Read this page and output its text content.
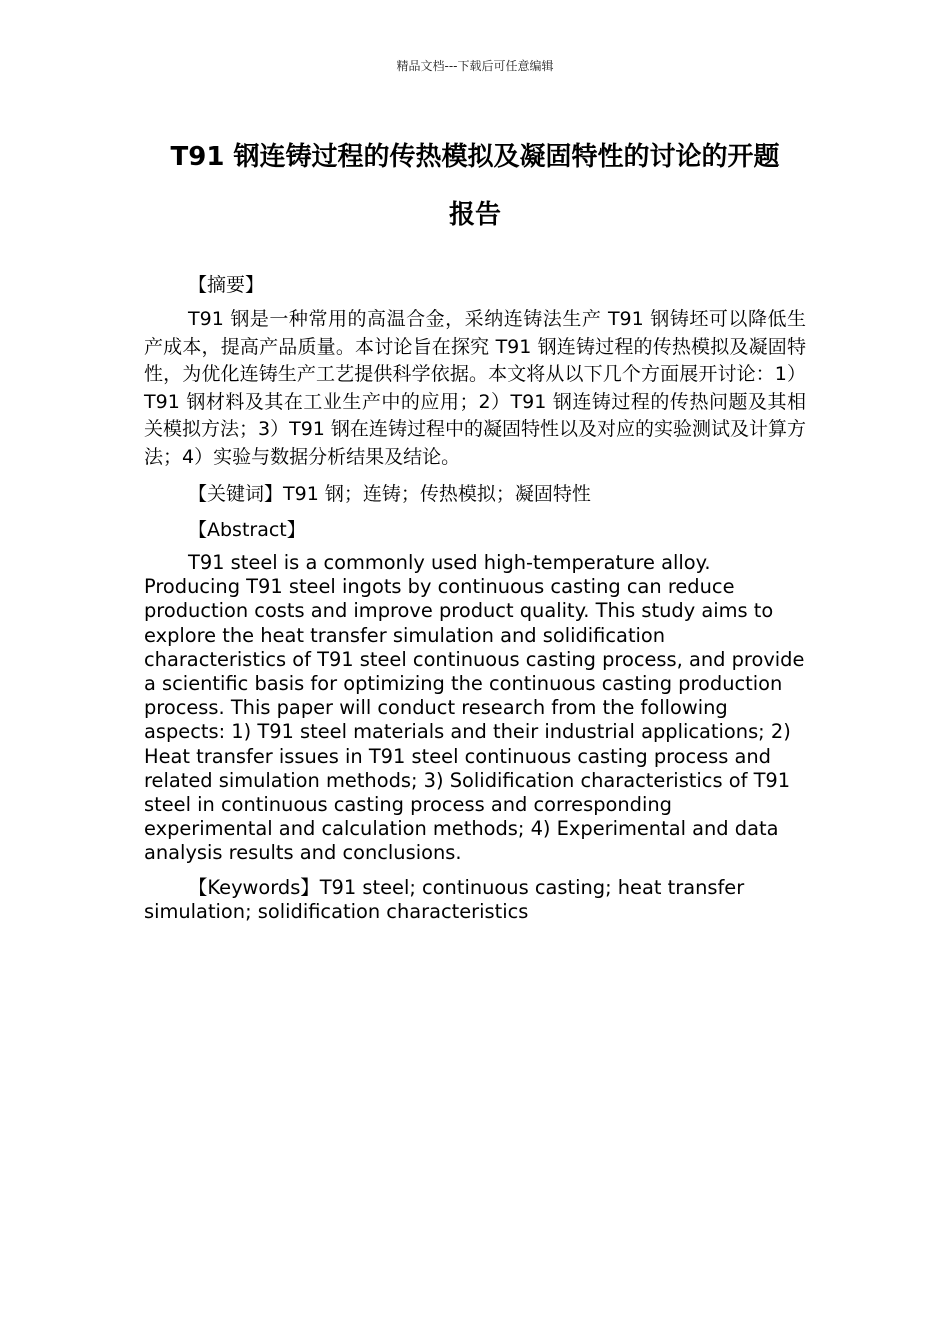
精品文档---下载后可任意编辑
T91 钢连铸过程的传热模拟及凝固特性的讨论的开题
报告

【摘要】

T91 钢是一种常用的高温合金，采纳连铸法生产 T91 钢铸坯可以降低生产成本，提高产品质量。本讨论旨在探究 T91 钢连铸过程的传热模拟及凝固特性，为优化连铸生产工艺提供科学依据。本文将从以下几个方面展开讨论：1）T91 钢材料及其在工业生产中的应用；2）T91 钢连铸过程的传热问题及其相关模拟方法；3）T91 钢在连铸过程中的凝固特性以及对应的实验测试及计算方法；4）实验与数据分析结果及结论。

【关键词】T91 钢；连铸；传热模拟；凝固特性

【Abstract】

T91 steel is a commonly used high-temperature alloy. Producing T91 steel ingots by continuous casting can reduce production costs and improve product quality. This study aims to explore the heat transfer simulation and solidification characteristics of T91 steel continuous casting process, and provide a scientific basis for optimizing the continuous casting production process. This paper will conduct research from the following aspects: 1) T91 steel materials and their industrial applications; 2) Heat transfer issues in T91 steel continuous casting process and related simulation methods; 3) Solidification characteristics of T91 steel in continuous casting process and corresponding experimental and calculation methods; 4) Experimental and data analysis results and conclusions.

【Keywords】T91 steel; continuous casting; heat transfer simulation; solidification characteristics
